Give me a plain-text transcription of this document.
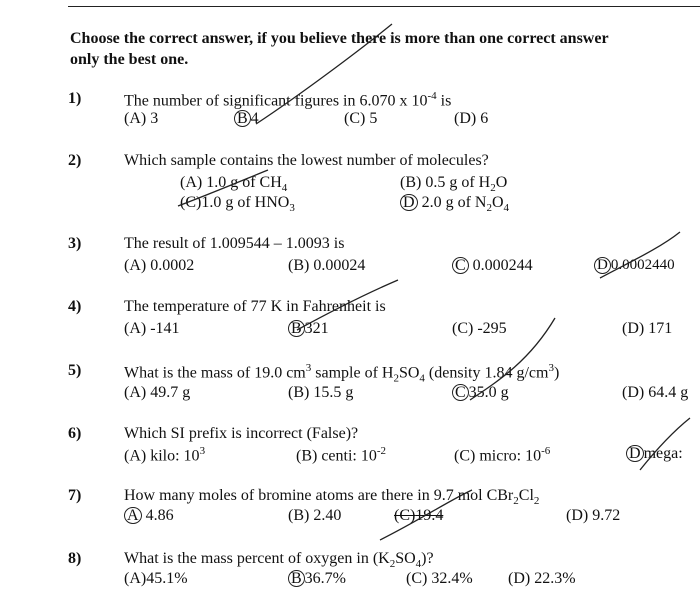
Choose the correct answer, if you believe there is more than one correct answer
only the best one.
1)	The number of significant figures in 6.070 x $10^{-4}$ is
(A) 3	B 4	(C) 5	(D) 6
2)	Which sample contains the lowest number of molecules?
(A) 1.0 g of $CH_4$	(B) 0.5 g of $H_2O$
(C)1.0 g of $HNO_3$	D 2.0 g of $N_2O_4$
3)	The result of 1.009544 – 1.0093 is
(A) 0.0002	(B) 0.00024	C 0.000244	D 0.0002440
4)	The temperature of 77 K in Fahrenheit is
(A) -141	B 321	(C) -295	(D) 171
5)	What is the mass of 19.0 $cm^3$ sample of $H_2SO_4$ (density 1.84 $g/cm^3$)
(A) 49.7 g	(B) 15.5 g	C 35.0 g	(D) 64.4 g
6)	Which SI prefix is incorrect (False)?
(A) kilo: $10^3$	(B) centi: $10^{-2}$	(C) micro: $10^{-6}$	D mega:
7)	How many moles of bromine atoms are there in 9.7 mol $CBr_2Cl_2$
A 4.86	(B) 2.40	(C)19.4	(D) 9.72
8)	What is the mass percent of oxygen in $(K_2SO_4)$?
(A)45.1%	B 36.7%	(C) 32.4% (D) 22.3%
